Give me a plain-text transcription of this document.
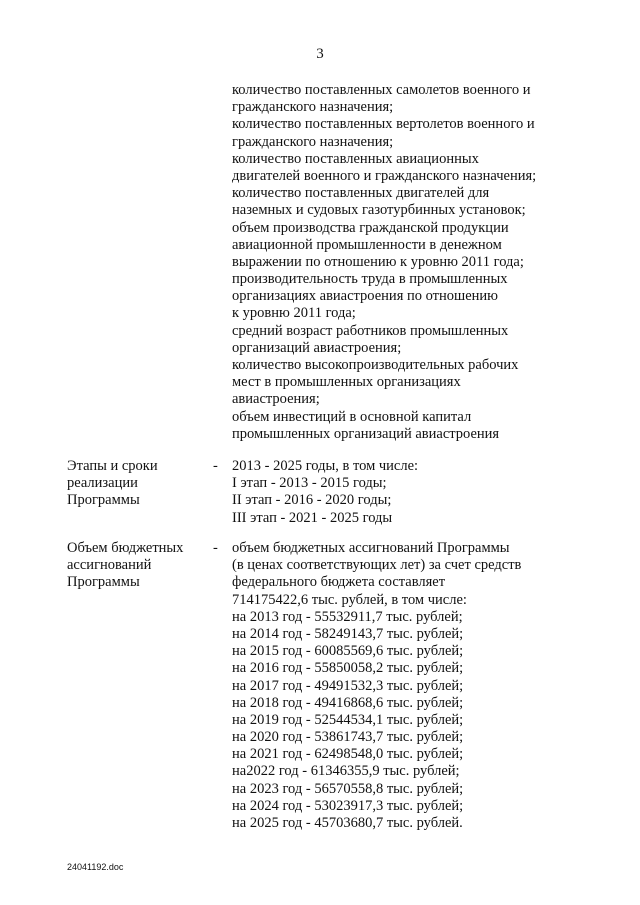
3
количество поставленных самолетов военного и
гражданского назначения;
количество поставленных вертолетов военного и
гражданского назначения;
количество поставленных авиационных
двигателей военного и гражданского назначения;
количество поставленных двигателей для
наземных и судовых газотурбинных установок;
объем производства гражданской продукции
авиационной промышленности в денежном
выражении по отношению к уровню 2011 года;
производительность труда в промышленных
организациях авиастроения по отношению
к уровню 2011 года;
средний возраст работников промышленных
организаций авиастроения;
количество высокопроизводительных рабочих
мест в промышленных организациях
авиастроения;
объем инвестиций в основной капитал
промышленных организаций авиастроения
Этапы и сроки
реализации
Программы
- 2013 - 2025 годы, в том числе:
I этап - 2013 - 2015 годы;
II этап - 2016 - 2020 годы;
III этап - 2021 - 2025 годы
Объем бюджетных
ассигнований
Программы
- объем бюджетных ассигнований Программы
(в ценах соответствующих лет) за счет средств
федерального бюджета составляет
714175422,6 тыс. рублей, в том числе:
на 2013 год - 55532911,7 тыс. рублей;
на 2014 год - 58249143,7 тыс. рублей;
на 2015 год - 60085569,6 тыс. рублей;
на 2016 год - 55850058,2 тыс. рублей;
на 2017 год - 49491532,3 тыс. рублей;
на 2018 год - 49416868,6 тыс. рублей;
на 2019 год - 52544534,1 тыс. рублей;
на 2020 год - 53861743,7 тыс. рублей;
на 2021 год - 62498548,0 тыс. рублей;
на2022 год - 61346355,9 тыс. рублей;
на 2023 год - 56570558,8 тыс. рублей;
на 2024 год - 53023917,3 тыс. рублей;
на 2025 год - 45703680,7 тыс. рублей.
24041192.doc
